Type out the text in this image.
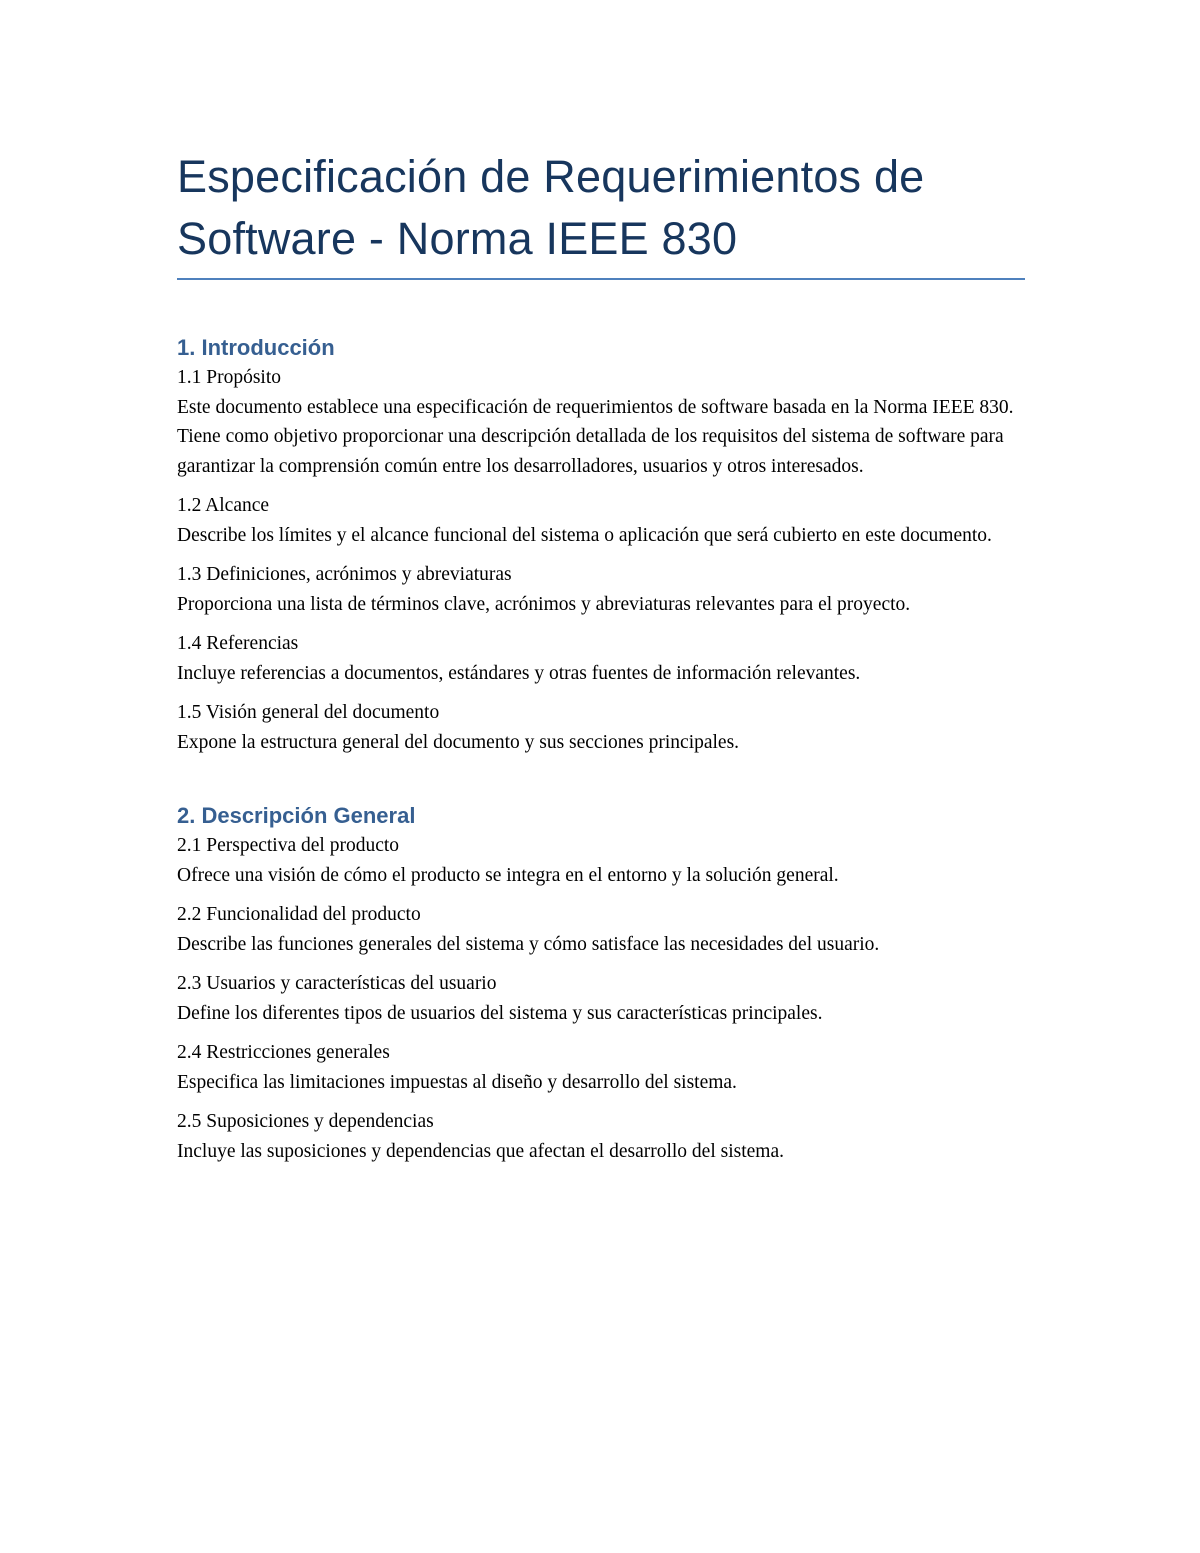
Especificación de Requerimientos de Software - Norma IEEE 830
1. Introducción
1.1 Propósito
Este documento establece una especificación de requerimientos de software basada en la Norma IEEE 830. Tiene como objetivo proporcionar una descripción detallada de los requisitos del sistema de software para garantizar la comprensión común entre los desarrolladores, usuarios y otros interesados.
1.2 Alcance
Describe los límites y el alcance funcional del sistema o aplicación que será cubierto en este documento.
1.3 Definiciones, acrónimos y abreviaturas
Proporciona una lista de términos clave, acrónimos y abreviaturas relevantes para el proyecto.
1.4 Referencias
Incluye referencias a documentos, estándares y otras fuentes de información relevantes.
1.5 Visión general del documento
Expone la estructura general del documento y sus secciones principales.
2. Descripción General
2.1 Perspectiva del producto
Ofrece una visión de cómo el producto se integra en el entorno y la solución general.
2.2 Funcionalidad del producto
Describe las funciones generales del sistema y cómo satisface las necesidades del usuario.
2.3 Usuarios y características del usuario
Define los diferentes tipos de usuarios del sistema y sus características principales.
2.4 Restricciones generales
Especifica las limitaciones impuestas al diseño y desarrollo del sistema.
2.5 Suposiciones y dependencias
Incluye las suposiciones y dependencias que afectan el desarrollo del sistema.
